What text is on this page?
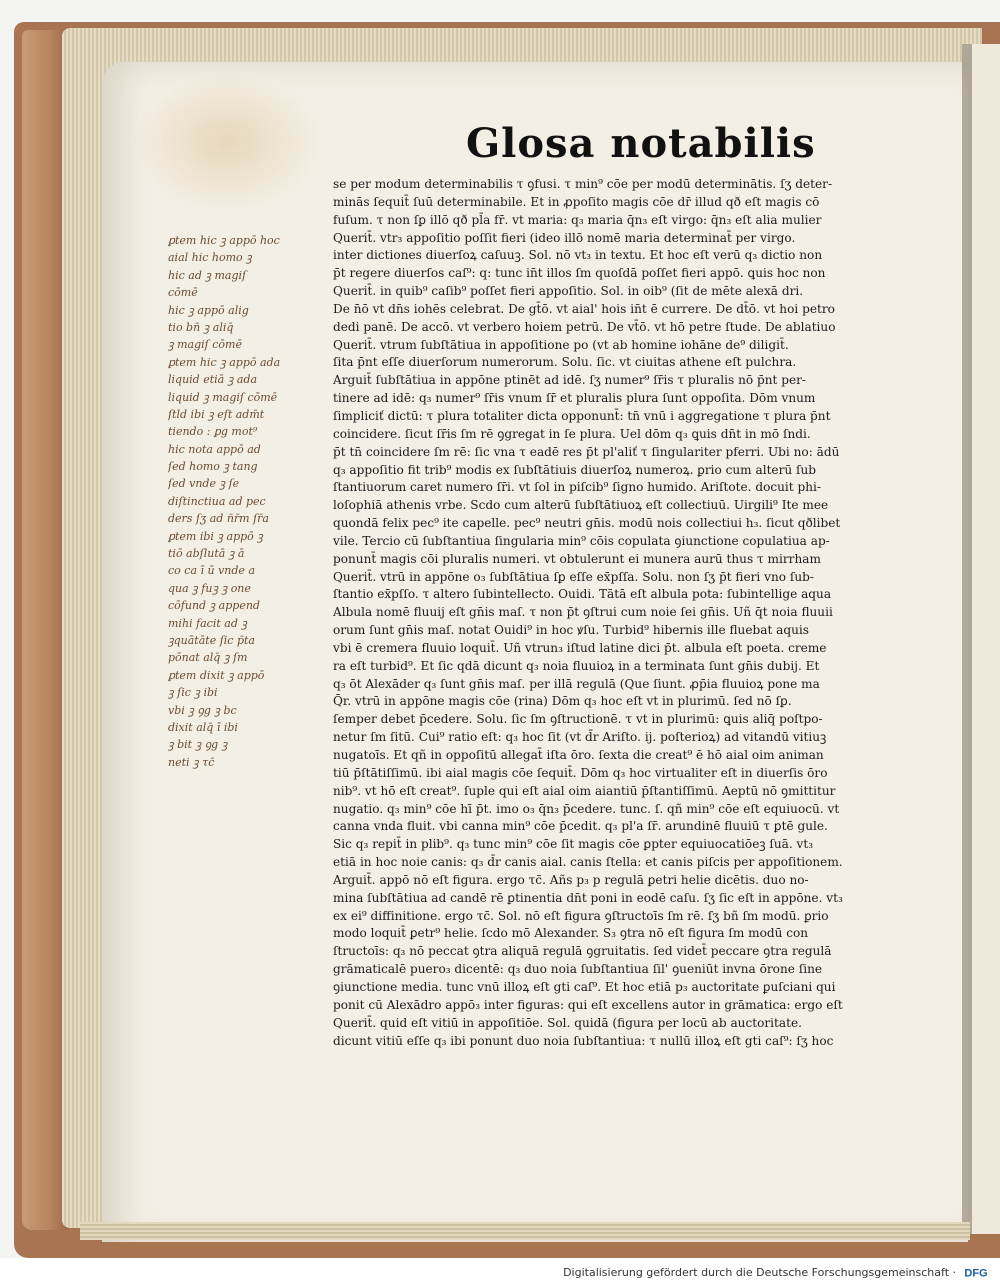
Glosa notabilis
ꝑtem hic ꝫ appō hoc
aial hic homo ꝫ
hic ad ꝫ magiſ
cōmē
hic ꝫ appō alig
tio bn̄ ꝫ aliq̄
ꝫ magiſ cōmē
ꝑtem hic ꝫ appō ada
liquid etiā ꝫ ada
liquid ꝫ magiſ cōmē
ſtld ibi ꝫ eſt adm̄t
tiendo : ꝑg mot⁹
hic nota appō ad
ſed homo ꝫ tang
ſed vnde ꝫ ſe
diſtinctiua ad pec
ders ſʒ ad n̄r̄m ſr̄a
ꝑtem ibi ꝫ appō ꝫ
tiō abſlutā ꝫ ā
co ca ī ū vnde a
qua ꝫ fuꝫ ꝫ one
cōfund ꝫ append
mihi facit ad ꝫ
ꝫquātāte ſic p̄ta
pōnat alq̄ ꝫ ſm
ꝑtem dixit ꝫ appō
ꝫ ſic ꝫ ibi
vbi ꝫ ꝯg ꝫ bc
dixit alq̄ ī ibi
ꝫ bit ꝫ ꝯg ꝫ
neti ꝫ τc̄
se per modum determinabilis τ ꝯfusi. τ min⁹ cōe per modū determinātis. ſʒ deter-
minās ſequit̄ ſuū determinabile. Et in ꝓpoſito magis cōe dr̄ illud qð eſt magis cō
fuſum. τ non ſꝑ illō qð pl̄a fr̄. vt maria: q₃ maria q̄n₃ eſt virgo: q̄n₃ eſt alia mulier
Querit̄. vtr₃ appoſitio poſſit fieri (ideo illō nomē maria determinat̄ per virgo.
inter dictiones diuerſoꝝ caſuuꝫ. Sol. nō vt₃ in textu. Et hoc eſt verū q₃ dictio non
p̄t regere diuerſos caſ⁹: q: tunc in̄t illos ſm quoſdā poſſet fieri appō. ꝗuis hoc non
Querit̄. in quib⁹ caſib⁹ poſſet fieri appoſitio. Sol. in oib⁹ (ſit de mēte alexā dri.
De n̄ō vt dn̄s iohēs celebrat. De gt̄ō. vt aial' hois in̄t ē currere. De dt̄ō. vt hoi petro
dedi panē. De accō. vt verbero hoiem petrū. De vt̄ō. vt hō petre ſtude. De ablatiuo
Querit̄. vtrum ſubſtātiua in appoſitione po (vt ab homine iohāne de⁹ diligit̄.
ſita p̄nt eſſe diuerſorum numerorum. Solu. ſic. vt ciuitas athene eſt pulchra.
Arguit̄ ſubſtātiua in appōne ptinēt ad idē. ſʒ numer⁹ ſr̄is τ pluralis nō p̄nt per-
tinere ad idē: q₃ numer⁹ ſr̄is vnum ſr̄ et pluralis plura ſunt oppoſita. Dōm vnum
ſimpliciť dictū: τ plura totaliter dicta opponunt̄: tn̄ vnū i aggregatione τ plura p̄nt
coincidere. ſicut ſr̄is ſm rē ꝯgregat in ſe plura. Uel dōm q₃ ꝗuis dn̄t in mō ſndi.
p̄t tn̄ coincidere ſm rē: ſic vna τ eadē res p̄t pl'aliť τ ſingulariter pferri. Ubi no: ādū
q₃ appoſitio fit trib⁹ modis ex ſubſtātiuis diuerſoꝝ numeroꝝ. ꝑrio cum alterū ſub
ſtantiuorum caret numero ſr̄i. vt ſol in piſcib⁹ ſigno humido. Ariſtote. docuit phi-
loſophiā athenis vrbe. Scdo cum alterū ſubſtātiuoꝝ eſt collectiuū. Uirgili⁹ Ite mee
quondā felix pec⁹ ite capelle. pec⁹ neutri gn̄is. modū nois collectiui h₃. ſicut qðlibet
vile. Tercio cū ſubſtantiua ſingularia min⁹ cōis copulata ꝯiunctione copulatiua ap-
ponunt̄ magis cōi pluralis numeri. vt obtulerunt ei munera aurū thus τ mirrham
Querit̄. vtrū in appōne o₃ ſubſtātiua ſꝑ eſſe ex̄pſſa. Solu. non ſʒ p̄t fieri vno ſub-
ſtantio ex̄pſſo. τ altero ſubintellecto. Ouidi. Tātā eſt albula pota: ſubintellige aqua
Albula nomē fluuij eſt gn̄is maſ. τ non p̄t ꝯſtrui cum noie ſei gn̄is. Uñ q̄t noia fluuii
orum ſunt gn̄is maſ. notat Ouidi⁹ in hoc ꝟſu. Turbid⁹ hibernis ille fluebat aquis
vbi ē cremera fluuio loquit̄. Uñ vtrun₃ iſtud latine dici p̄t. albula eſt poeta. creme
ra eſt turbid⁹. Et ſic qdā dicunt q₃ noia fluuioꝝ in a terminata ſunt gn̄is dubij. Et
q₃ ōt Alexāder q₃ ſunt gn̄is maſ. per illā regulā (Que ſiunt. ꝓp̄ia fluuioꝝ pone ma
Q̄r. vtrū in appōne magis cōe (rina) Dōm q₃ hoc eſt vt in plurimū. ſed nō ſꝑ.
ſemper debet p̄cedere. Solu. ſic ſm ꝯſtructionē. τ vt in plurimū: ꝗuis aliq̄ poſtpo-
netur ſm ſitū. Cui⁹ ratio eſt: q₃ hoc ſit (vt d̄r Ariſto. ij. poſterioꝝ) ad vitandū vitiuꝫ
nugatoīs. Et qñ in oppoſitū allegat̄ iſta ōro. ſexta die creat⁹ ē hō aial oim animan
tiū p̄ſtātiſſimū. ibi aial magis cōe ſequit̄. Dōm q₃ hoc virtualiter eſt in diuerſis ōro
nib⁹. vt hō eſt creat⁹. ſuple qui eſt aial oim aiantiū p̄ſtantiſſimū. Aeptū nō ꝯmittitur
nugatio. q₃ min⁹ cōe hī p̄t. imo o₃ q̄n₃ p̄cedere. tunc. ſ. qñ min⁹ cōe eſt equiuocū. vt
canna vnda fluit. vbi canna min⁹ cōe p̄cedit. q₃ pl'a ſr̄. arundinē fluuiū τ ꝑtē gule.
Sic q₃ repit̄ in plib⁹. q₃ tunc min⁹ cōe ſit magis cōe ꝑpter equiuocatiōeꝫ ſuā. vt₃
etiā in hoc noie canis: q₃ d̄r canis aial. canis ſtella: et canis piſcis per appoſitionem.
Arguit̄. appō nō eſt figura. ergo τc̄. Añs p₃ p regulā ꝑetri helie dicētis. duo no-
mina ſubſtātiua ad candē rē ꝑtinentia dn̄t poni in eodē caſu. ſʒ ſic eſt in appōne. vt₃
ex ei⁹ diffinitione. ergo τc̄. Sol. nō eſt figura ꝯſtructoīs ſm rē. ſʒ bñ ſm modū. ꝑrio
modo loquit̄ ꝑetr⁹ helie. ſcdo mō Alexander. S₃ ꝯtra nō eſt figura ſm modū con
ſtructoīs: q₃ nō peccat ꝯtra aliquā regulā ꝯgruitatis. ſed videt̄ peccare ꝯtra regulā
grāmaticalē puero₃ dicentē: q₃ duo noia ſubſtantiua ſil' ꝯueniūt invna ōrone ſine
ꝯiunctione media. tunc vnū illoꝝ eſt gti caſ⁹. Et hoc etiā p₃ auctoritate ꝑuſciani qui
ponit cū Alexādro appō₃ inter figuras: qui eſt excellens autor in grāmatica: ergo eſt
Querit̄. quid eſt vitiū in appoſitiōe. Sol. quidā (figura per locū ab auctoritate.
dicunt vitiū eſſe q₃ ibi ponunt duo noia ſubſtantiua: τ nullū illoꝝ eſt gti caſ⁹: ſʒ hoc

Digitalisierung gefördert durch die Deutsche Forschungsgemeinschaft · DFG
